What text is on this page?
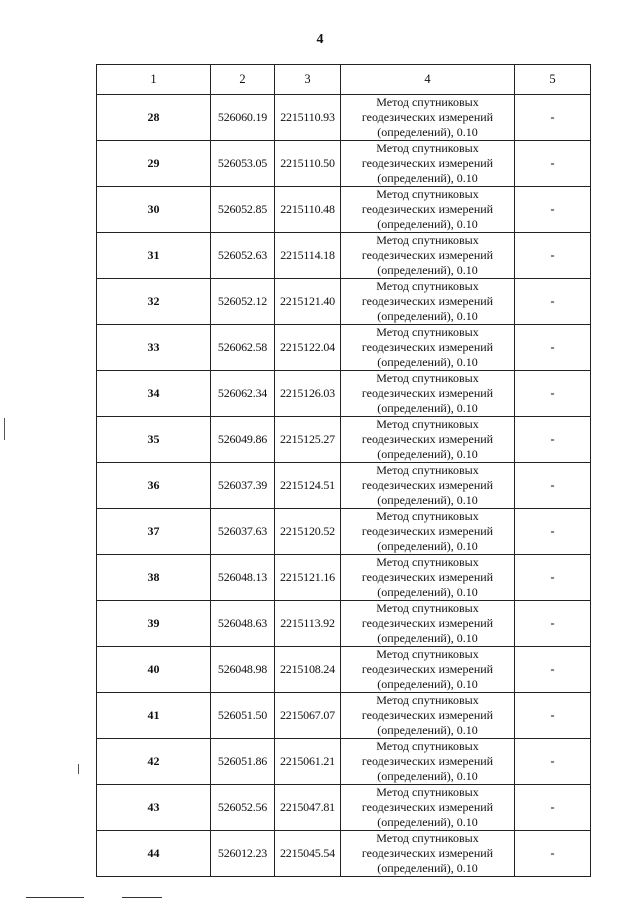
4
1	2	3	4	5
28	526060.19	2215110.93	Метод спутниковых
геодезических измерений
(определений), 0.10	-
29	526053.05	2215110.50	Метод спутниковых
геодезических измерений
(определений), 0.10	-
30	526052.85	2215110.48	Метод спутниковых
геодезических измерений
(определений), 0.10	-
31	526052.63	2215114.18	Метод спутниковых
геодезических измерений
(определений), 0.10	-
32	526052.12	2215121.40	Метод спутниковых
геодезических измерений
(определений), 0.10	-
33	526062.58	2215122.04	Метод спутниковых
геодезических измерений
(определений), 0.10	-
34	526062.34	2215126.03	Метод спутниковых
геодезических измерений
(определений), 0.10	-
35	526049.86	2215125.27	Метод спутниковых
геодезических измерений
(определений), 0.10	-
36	526037.39	2215124.51	Метод спутниковых
геодезических измерений
(определений), 0.10	-
37	526037.63	2215120.52	Метод спутниковых
геодезических измерений
(определений), 0.10	-
38	526048.13	2215121.16	Метод спутниковых
геодезических измерений
(определений), 0.10	-
39	526048.63	2215113.92	Метод спутниковых
геодезических измерений
(определений), 0.10	-
40	526048.98	2215108.24	Метод спутниковых
геодезических измерений
(определений), 0.10	-
41	526051.50	2215067.07	Метод спутниковых
геодезических измерений
(определений), 0.10	-
42	526051.86	2215061.21	Метод спутниковых
геодезических измерений
(определений), 0.10	-
43	526052.56	2215047.81	Метод спутниковых
геодезических измерений
(определений), 0.10	-
44	526012.23	2215045.54	Метод спутниковых
геодезических измерений
(определений), 0.10	-
